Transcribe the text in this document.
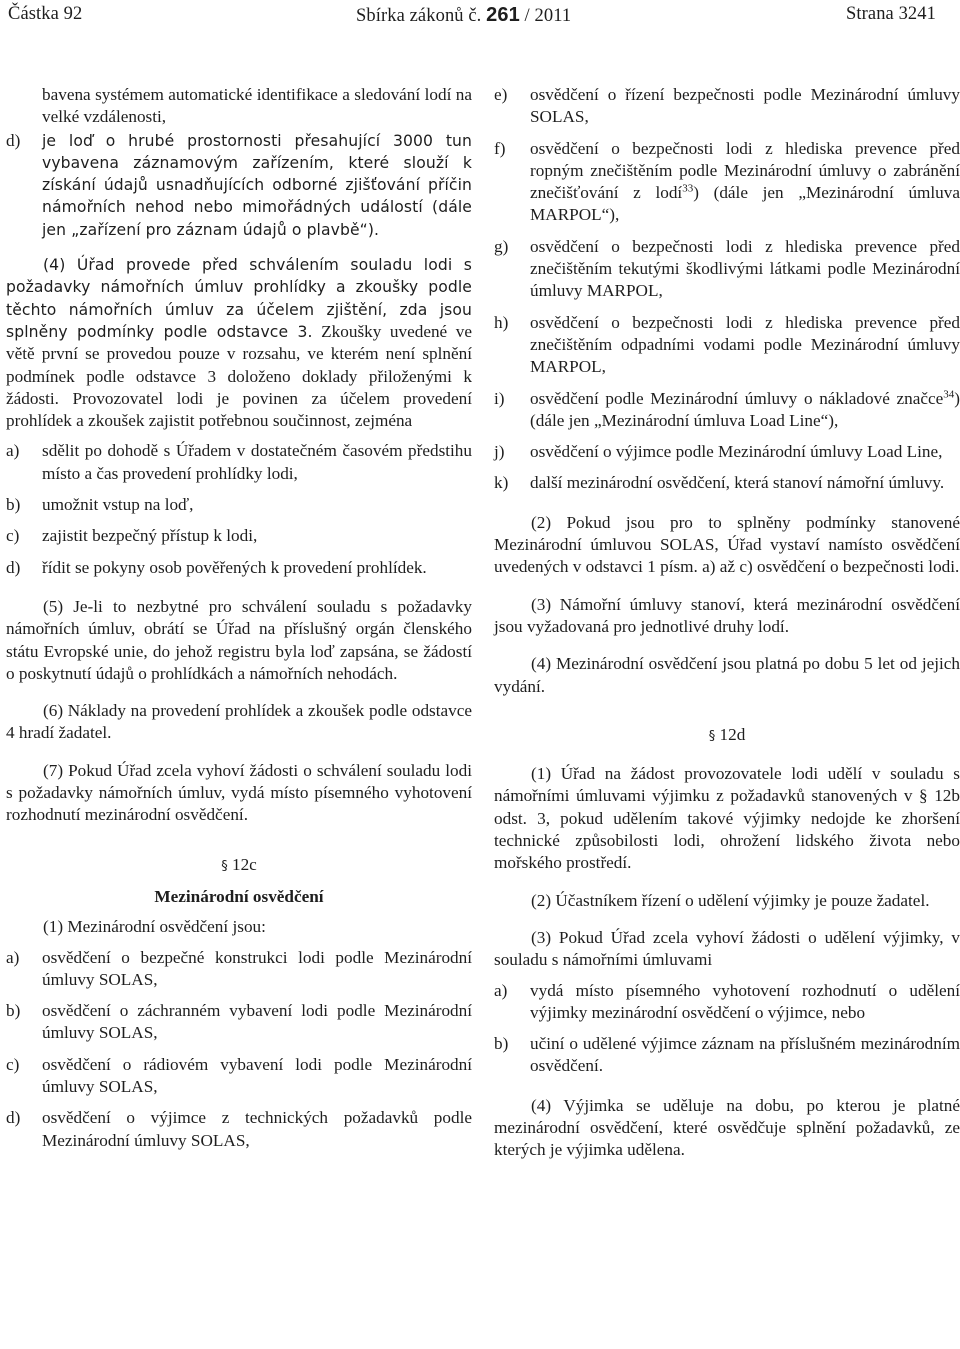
Částka 92	Sbírka zákonů č. 261 / 2011	Strana 3241

bavena systémem automatické identifikace a sledování lodí na velké vzdálenosti,

d)	je loď o hrubé prostornosti přesahující 3000 tun vybavena záznamovým zařízením, které slouží k získání údajů usnadňujících odborné zjišťování příčin námořních nehod nebo mimořádných událostí (dále jen „zařízení pro záznam údajů o plavbě“).

(4) Úřad provede před schválením souladu lodi s požadavky námořních úmluv prohlídky a zkoušky podle těchto námořních úmluv za účelem zjištění, zda jsou splněny podmínky podle odstavce 3. Zkoušky uvedené ve větě první se provedou pouze v rozsahu, ve kterém není splnění podmínek podle odstavce 3 doloženo doklady přiloženými k žádosti. Provozovatel lodi je povinen za účelem provedení prohlídek a zkoušek zajistit potřebnou součinnost, zejména

a)	sdělit po dohodě s Úřadem v dostatečném časovém předstihu místo a čas provedení prohlídky lodi,
b)	umožnit vstup na loď,
c)	zajistit bezpečný přístup k lodi,
d)	řídit se pokyny osob pověřených k provedení prohlídek.

(5) Je-li to nezbytné pro schválení souladu s požadavky námořních úmluv, obrátí se Úřad na příslušný orgán členského státu Evropské unie, do jehož registru byla loď zapsána, se žádostí o poskytnutí údajů o prohlídkách a námořních nehodách.

(6) Náklady na provedení prohlídek a zkoušek podle odstavce 4 hradí žadatel.

(7) Pokud Úřad zcela vyhoví žádosti o schválení souladu lodi s požadavky námořních úmluv, vydá místo písemného vyhotovení rozhodnutí mezinárodní osvědčení.

§ 12c

Mezinárodní osvědčení

(1) Mezinárodní osvědčení jsou:

a)	osvědčení o bezpečné konstrukci lodi podle Mezinárodní úmluvy SOLAS,
b)	osvědčení o záchranném vybavení lodi podle Mezinárodní úmluvy SOLAS,
c)	osvědčení o rádiovém vybavení lodi podle Mezinárodní úmluvy SOLAS,
d)	osvědčení o výjimce z technických požadavků podle Mezinárodní úmluvy SOLAS,
e)	osvědčení o řízení bezpečnosti podle Mezinárodní úmluvy SOLAS,
f)	osvědčení o bezpečnosti lodi z hlediska prevence před ropným znečištěním podle Mezinárodní úmluvy o zabránění znečišťování z lodí$^{33}$) (dále jen „Mezinárodní úmluva MARPOL“),
g)	osvědčení o bezpečnosti lodi z hlediska prevence před znečištěním tekutými škodlivými látkami podle Mezinárodní úmluvy MARPOL,
h)	osvědčení o bezpečnosti lodi z hlediska prevence před znečištěním odpadními vodami podle Mezinárodní úmluvy MARPOL,
i)	osvědčení podle Mezinárodní úmluvy o nákladové značce$^{34}$) (dále jen „Mezinárodní úmluva Load Line“),
j)	osvědčení o výjimce podle Mezinárodní úmluvy Load Line,
k)	další mezinárodní osvědčení, která stanoví námořní úmluvy.

(2) Pokud jsou pro to splněny podmínky stanovené Mezinárodní úmluvou SOLAS, Úřad vystaví namísto osvědčení uvedených v odstavci 1 písm. a) až c) osvědčení o bezpečnosti lodi.

(3) Námořní úmluvy stanoví, která mezinárodní osvědčení jsou vyžadovaná pro jednotlivé druhy lodí.

(4) Mezinárodní osvědčení jsou platná po dobu 5 let od jejich vydání.

§ 12d

(1) Úřad na žádost provozovatele lodi udělí v souladu s námořními úmluvami výjimku z požadavků stanovených v § 12b odst. 3, pokud udělením takové výjimky nedojde ke zhoršení technické způsobilosti lodi, ohrožení lidského života nebo mořského prostředí.

(2) Účastníkem řízení o udělení výjimky je pouze žadatel.

(3) Pokud Úřad zcela vyhoví žádosti o udělení výjimky, v souladu s námořními úmluvami

a)	vydá místo písemného vyhotovení rozhodnutí o udělení výjimky mezinárodní osvědčení o výjimce, nebo
b)	učiní o udělené výjimce záznam na příslušném mezinárodním osvědčení.

(4) Výjimka se uděluje na dobu, po kterou je platné mezinárodní osvědčení, které osvědčuje splnění požadavků, ze kterých je výjimka udělena.
